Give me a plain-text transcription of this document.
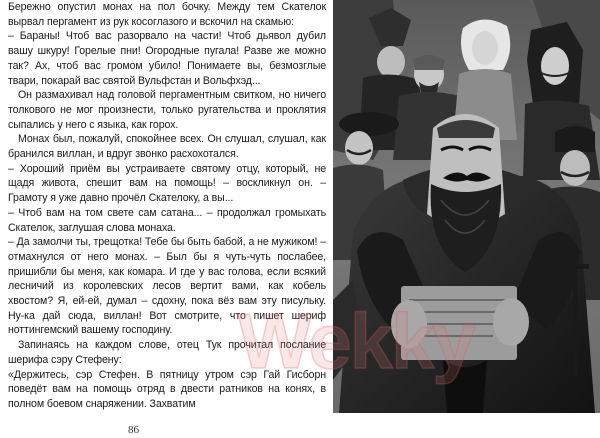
Бережно опустил монах на пол бочку. Между тем Скателок вырвал пергамент из рук косоглазого и вскочил на скамью:

– Бараны! Чтоб вас разорвало на части! Чтоб дьявол дубил вашу шкуру! Горелые пни! Огородные пугала! Разве же можно так? Ах, чтоб вас громом убило! Понимаете вы, безмозглые твари, покарай вас святой Вульфстан и Вольфхэд...

Он размахивал над головой пергаментным свитком, но ничего толкового не мог произнести, только ругательства и проклятия сыпались у него с языка, как горох.

Монах был, пожалуй, спокойнее всех. Он слушал, слушал, как бранился виллан, и вдруг звонко расхохотался.

– Хороший приём вы устраиваете святому отцу, который, не щадя живота, спешит вам на помощь! – воскликнул он. – Грамоту я уже давно прочёл Скателоку, а вы...

– Чтоб вам на том свете сам сатана... – продолжал громыхать Скателок, заглушая слова монаха.

– Да замолчи ты, трещотка! Тебе бы быть бабой, а не мужиком! – отмахнулся от него монах. – Был бы я чуть-чуть послабее, пришибли бы меня, как комара. И где у вас голова, если всякий лесничий из королевских лесов вертит вами, как кобель хвостом? Я, ей-ей, думал – сдохну, пока вёз вам эту писульку. Ну-ка дай сюда, виллан! Вот смотрите, что пишет шериф ноттингемский вашему господину.

Запинаясь на каждом слове, отец Тук прочитал послание шерифа сэру Стефену:

«Держитесь, сэр Стефен. В пятницу утром сэр Гай Гисборн поведёт вам на помощь отряд в двести ратников на конях, в полном боевом снаряжении. Захватим

86
